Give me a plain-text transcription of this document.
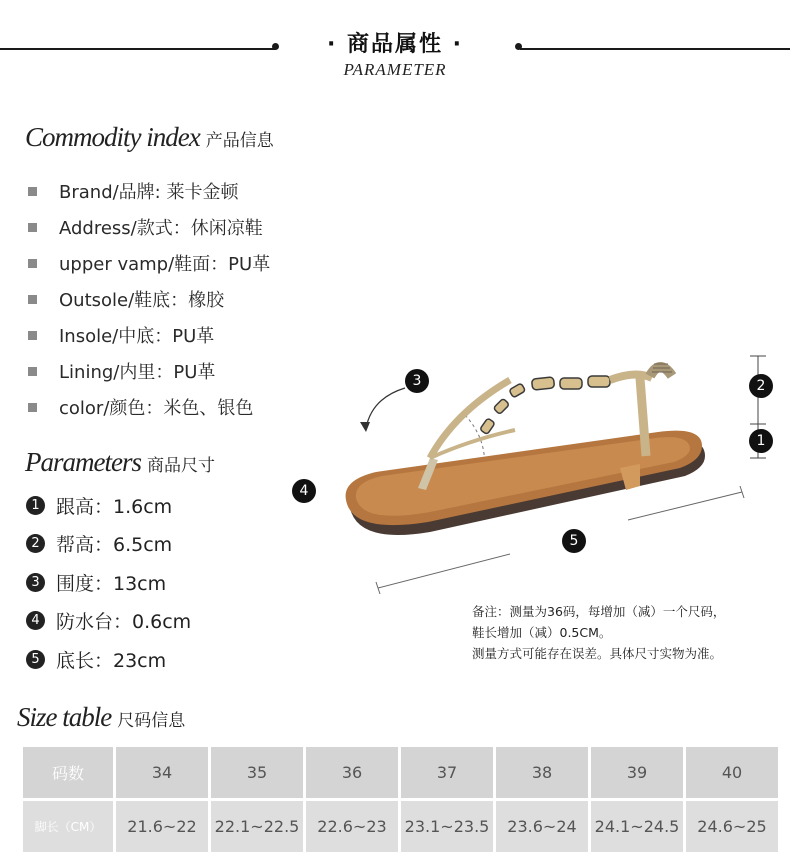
· 商品属性 ·
PARAMETER
Commodity index 产品信息
Brand/品牌: 莱卡金顿
Address/款式：休闲凉鞋
upper vamp/鞋面：PU革
Outsole/鞋底：橡胶
Insole/中底：PU革
Lining/内里：PU革
color/颜色：米色、银色
Parameters 商品尺寸
1 跟高：1.6cm
2 帮高：6.5cm
3 围度：13cm
4 防水台：0.6cm
5 底长：23cm
2
1
3
4
5
备注：测量为36码，每增加（减）一个尺码，
鞋长增加（减）0.5CM。
测量方式可能存在误差。具体尺寸实物为准。
Size table 尺码信息
码数	34	35	36	37	38	39	40
脚长（CM）	21.6~22	22.1~22.5	22.6~23	23.1~23.5	23.6~24	24.1~24.5	24.6~25
